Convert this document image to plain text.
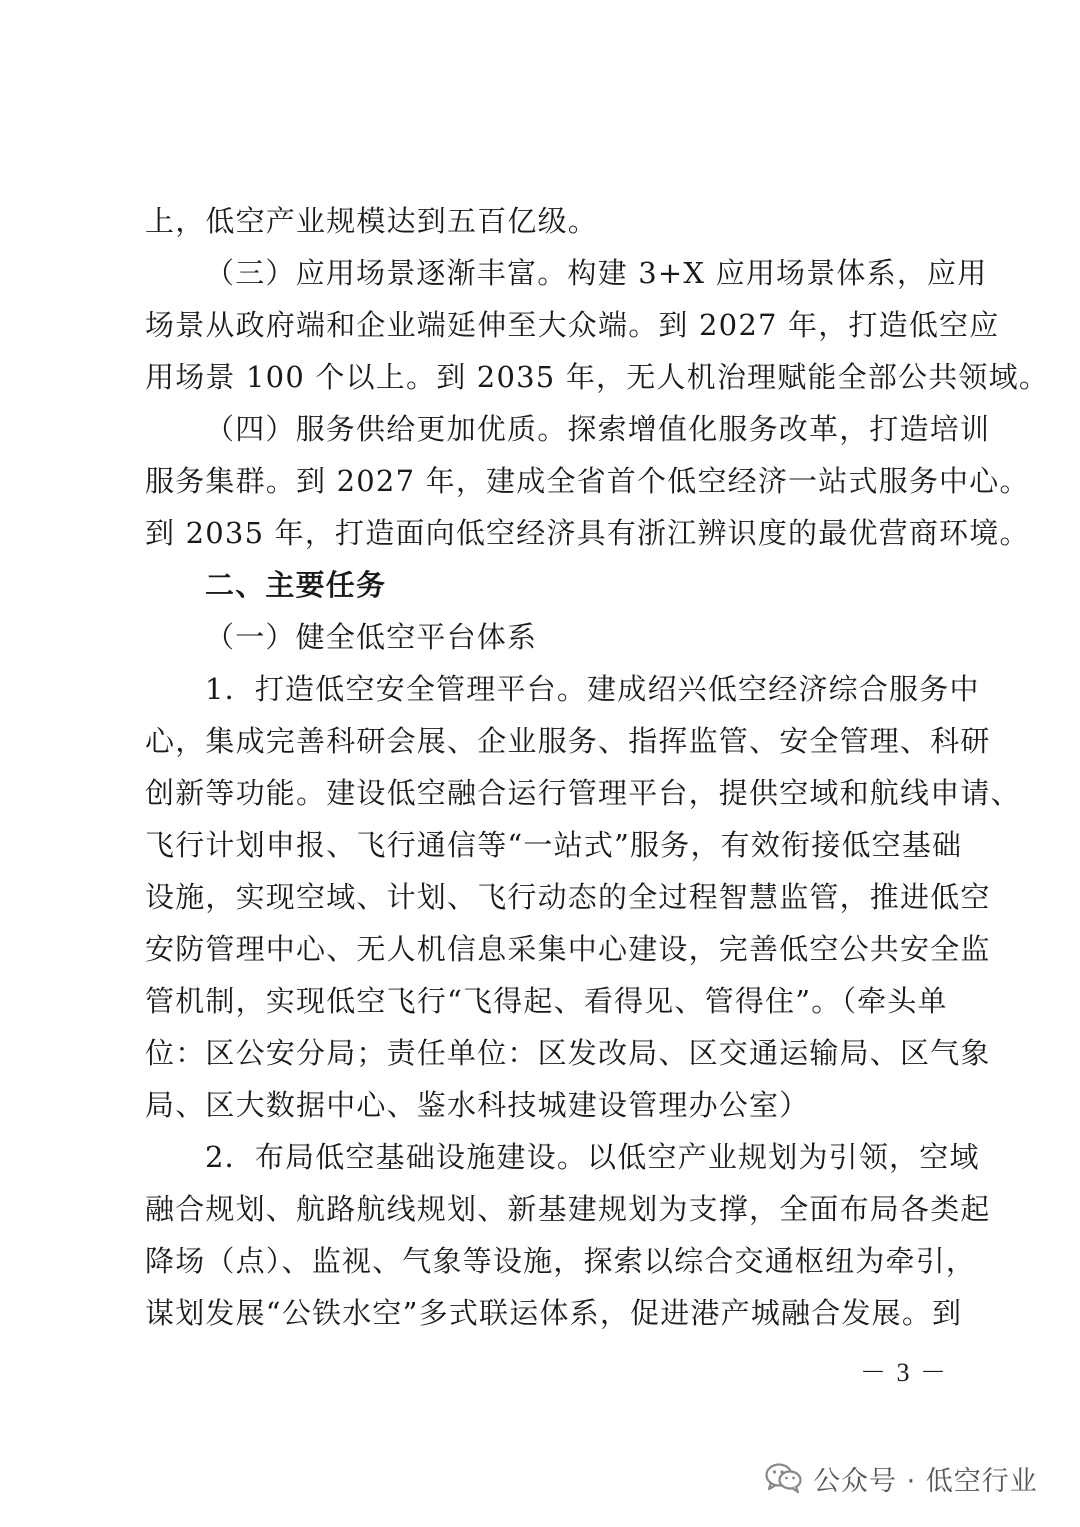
上，低空产业规模达到五百亿级。
（三）应用场景逐渐丰富。构建 3+X 应用场景体系，应用
场景从政府端和企业端延伸至大众端。到 2027 年，打造低空应
用场景 100 个以上。到 2035 年，无人机治理赋能全部公共领域。
（四）服务供给更加优质。探索增值化服务改革，打造培训
服务集群。到 2027 年，建成全省首个低空经济一站式服务中心。
到 2035 年，打造面向低空经济具有浙江辨识度的最优营商环境。
二、主要任务
（一）健全低空平台体系
1．打造低空安全管理平台。建成绍兴低空经济综合服务中
心，集成完善科研会展、企业服务、指挥监管、安全管理、科研
创新等功能。建设低空融合运行管理平台，提供空域和航线申请、
飞行计划申报、飞行通信等“一站式”服务，有效衔接低空基础
设施，实现空域、计划、飞行动态的全过程智慧监管，推进低空
安防管理中心、无人机信息采集中心建设，完善低空公共安全监
管机制，实现低空飞行“飞得起、看得见、管得住”。（牵头单
位：区公安分局；责任单位：区发改局、区交通运输局、区气象
局、区大数据中心、鉴水科技城建设管理办公室）
2．布局低空基础设施建设。以低空产业规划为引领，空域
融合规划、航路航线规划、新基建规划为支撑，全面布局各类起
降场（点）、监视、气象等设施，探索以综合交通枢纽为牵引，
谋划发展“公铁水空”多式联运体系，促进港产城融合发展。到
－ 3 －
公众号 · 低空行业
